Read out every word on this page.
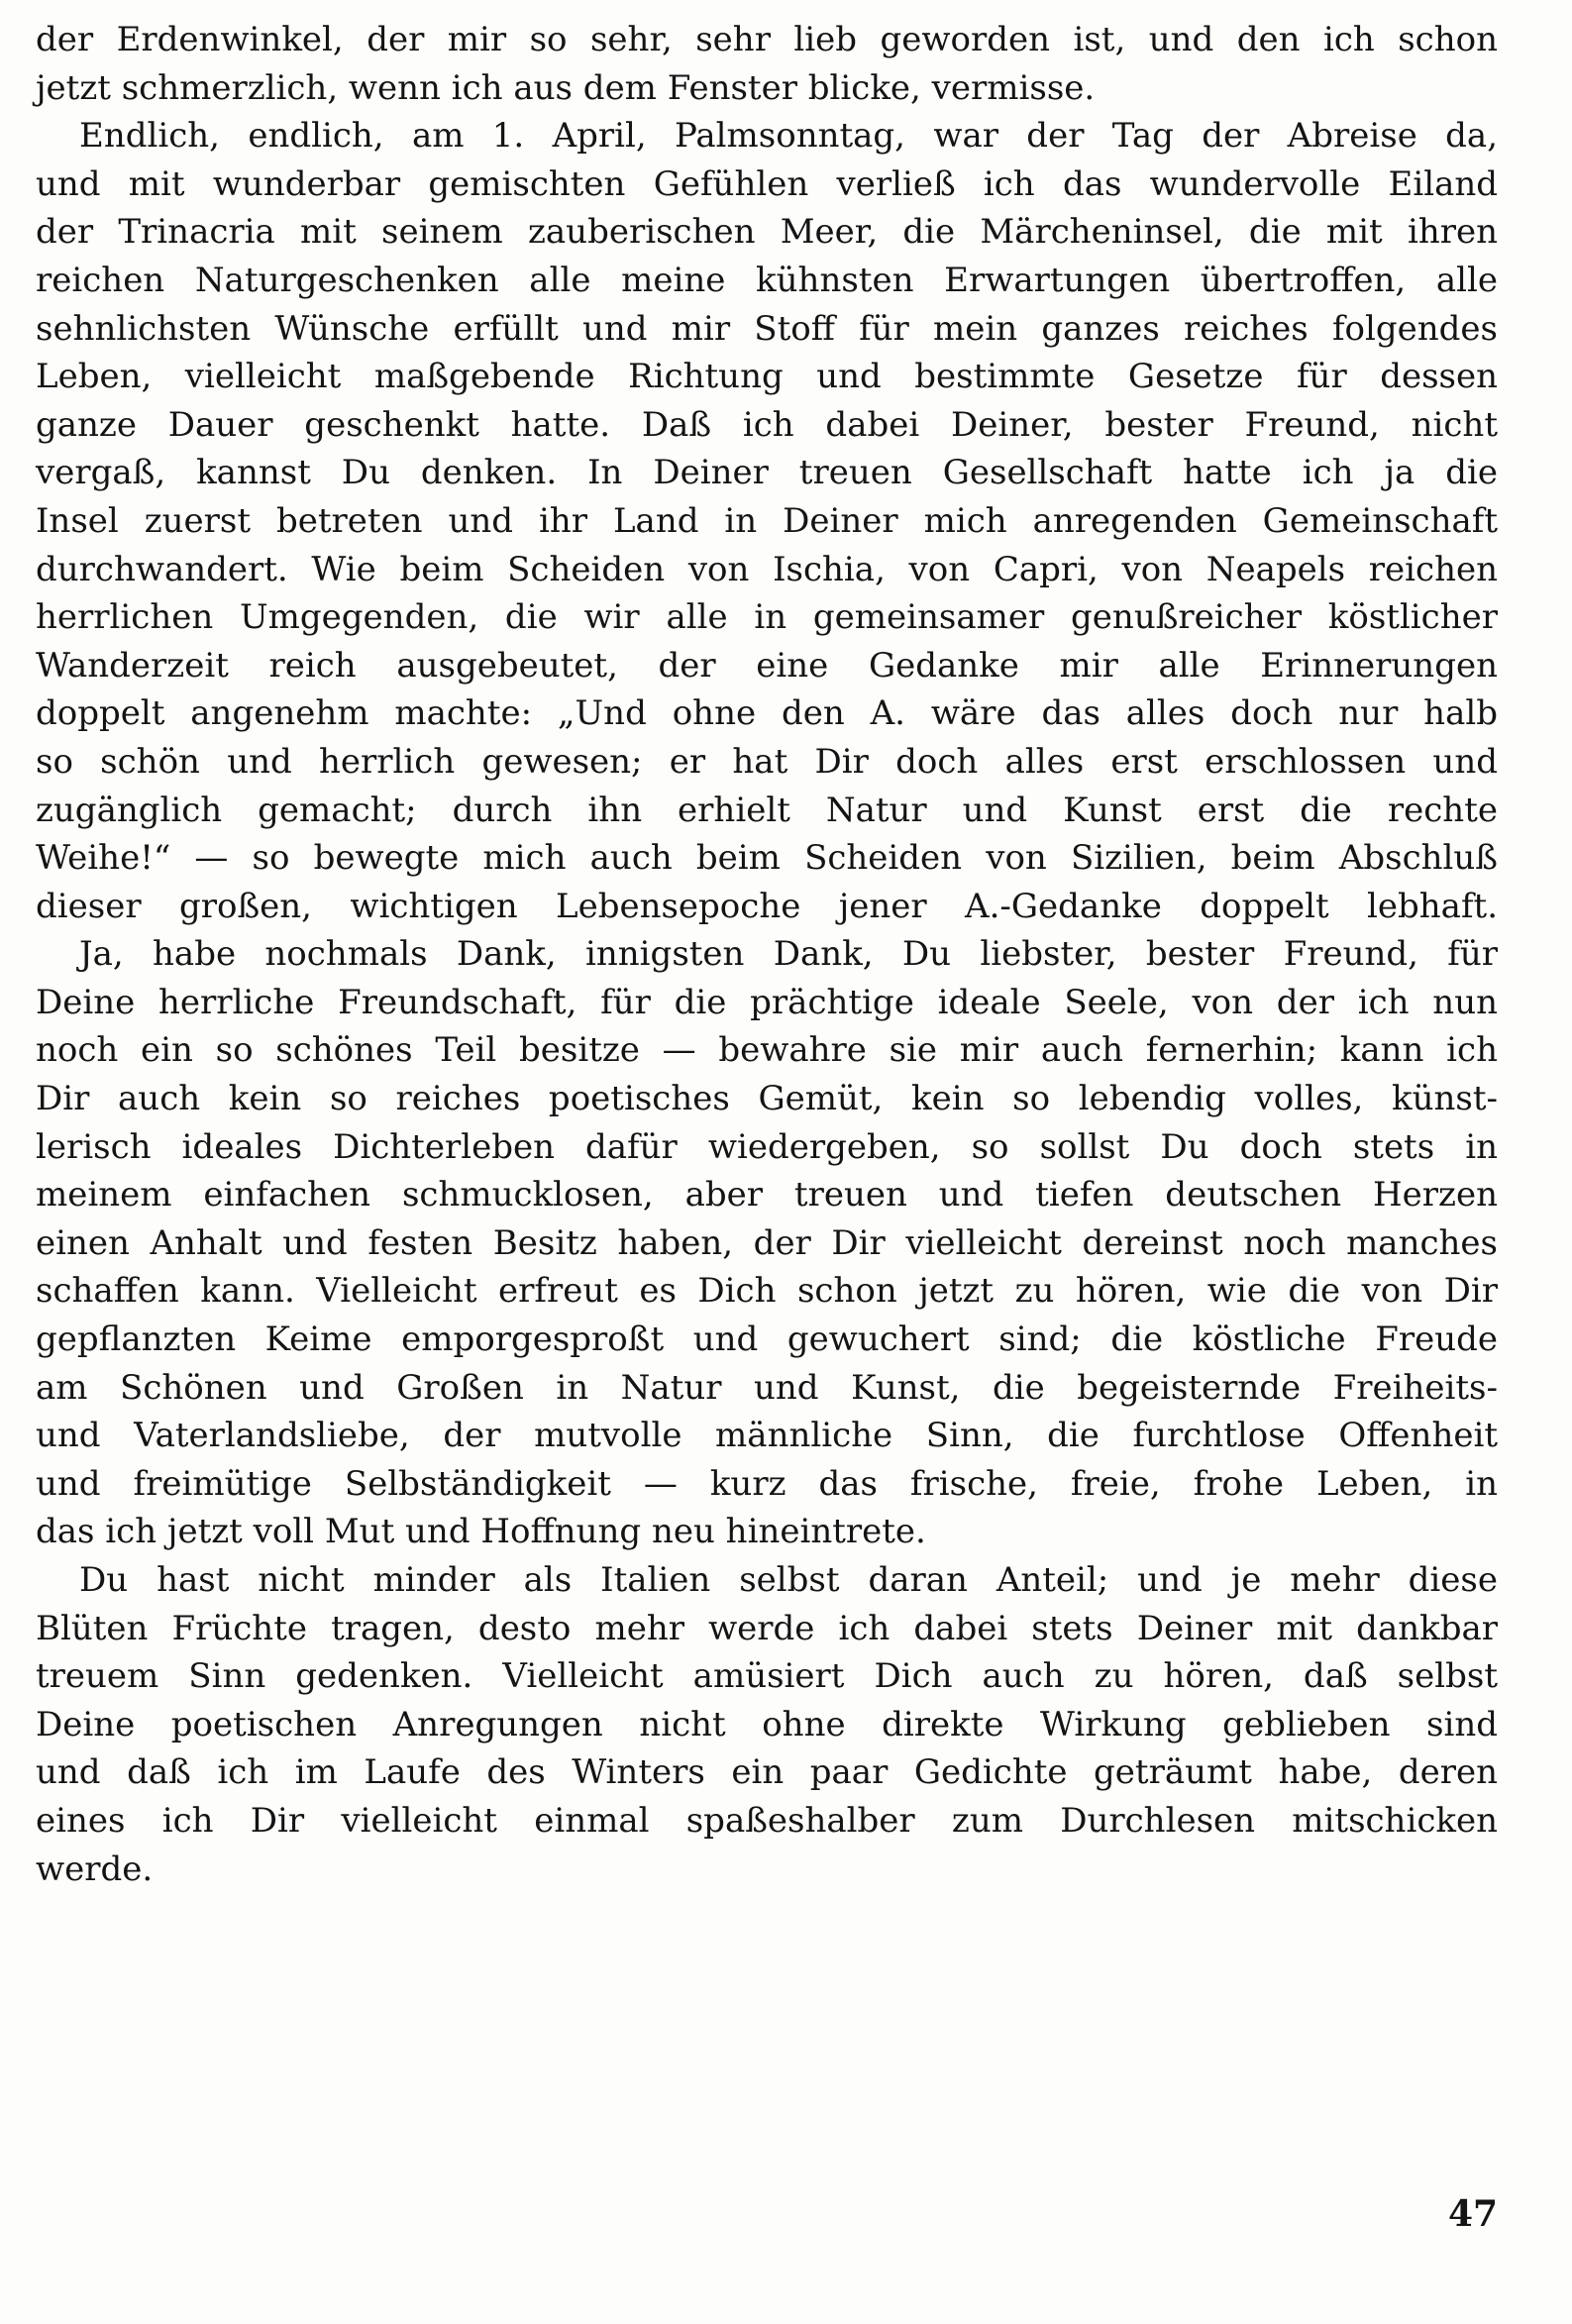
der Erdenwinkel, der mir so sehr, sehr lieb geworden ist, und den ich schon
jetzt schmerzlich, wenn ich aus dem Fenster blicke, vermisse.
Endlich, endlich, am 1. April, Palmsonntag, war der Tag der Abreise da,
und mit wunderbar gemischten Gefühlen verließ ich das wundervolle Eiland
der Trinacria mit seinem zauberischen Meer, die Märcheninsel, die mit ihren
reichen Naturgeschenken alle meine kühnsten Erwartungen übertroffen, alle
sehnlichsten Wünsche erfüllt und mir Stoff für mein ganzes reiches folgendes
Leben, vielleicht maßgebende Richtung und bestimmte Gesetze für dessen
ganze Dauer geschenkt hatte. Daß ich dabei Deiner, bester Freund, nicht
vergaß, kannst Du denken. In Deiner treuen Gesellschaft hatte ich ja die
Insel zuerst betreten und ihr Land in Deiner mich anregenden Gemeinschaft
durchwandert. Wie beim Scheiden von Ischia, von Capri, von Neapels reichen
herrlichen Umgegenden, die wir alle in gemeinsamer genußreicher köstlicher
Wanderzeit reich ausgebeutet, der eine Gedanke mir alle Erinnerungen
doppelt angenehm machte: „Und ohne den A. wäre das alles doch nur halb
so schön und herrlich gewesen; er hat Dir doch alles erst erschlossen und
zugänglich gemacht; durch ihn erhielt Natur und Kunst erst die rechte
Weihe!“ — so bewegte mich auch beim Scheiden von Sizilien, beim Abschluß
dieser großen, wichtigen Lebensepoche jener A.-Gedanke doppelt lebhaft.
Ja, habe nochmals Dank, innigsten Dank, Du liebster, bester Freund, für
Deine herrliche Freundschaft, für die prächtige ideale Seele, von der ich nun
noch ein so schönes Teil besitze — bewahre sie mir auch fernerhin; kann ich
Dir auch kein so reiches poetisches Gemüt, kein so lebendig volles, künst-
lerisch ideales Dichterleben dafür wiedergeben, so sollst Du doch stets in
meinem einfachen schmucklosen, aber treuen und tiefen deutschen Herzen
einen Anhalt und festen Besitz haben, der Dir vielleicht dereinst noch manches
schaffen kann. Vielleicht erfreut es Dich schon jetzt zu hören, wie die von Dir
gepflanzten Keime emporgesproßt und gewuchert sind; die köstliche Freude
am Schönen und Großen in Natur und Kunst, die begeisternde Freiheits-
und Vaterlandsliebe, der mutvolle männliche Sinn, die furchtlose Offenheit
und freimütige Selbständigkeit — kurz das frische, freie, frohe Leben, in
das ich jetzt voll Mut und Hoffnung neu hineintrete.
Du hast nicht minder als Italien selbst daran Anteil; und je mehr diese
Blüten Früchte tragen, desto mehr werde ich dabei stets Deiner mit dankbar
treuem Sinn gedenken. Vielleicht amüsiert Dich auch zu hören, daß selbst
Deine poetischen Anregungen nicht ohne direkte Wirkung geblieben sind
und daß ich im Laufe des Winters ein paar Gedichte geträumt habe, deren
eines ich Dir vielleicht einmal spaßeshalber zum Durchlesen mitschicken
werde.
47
